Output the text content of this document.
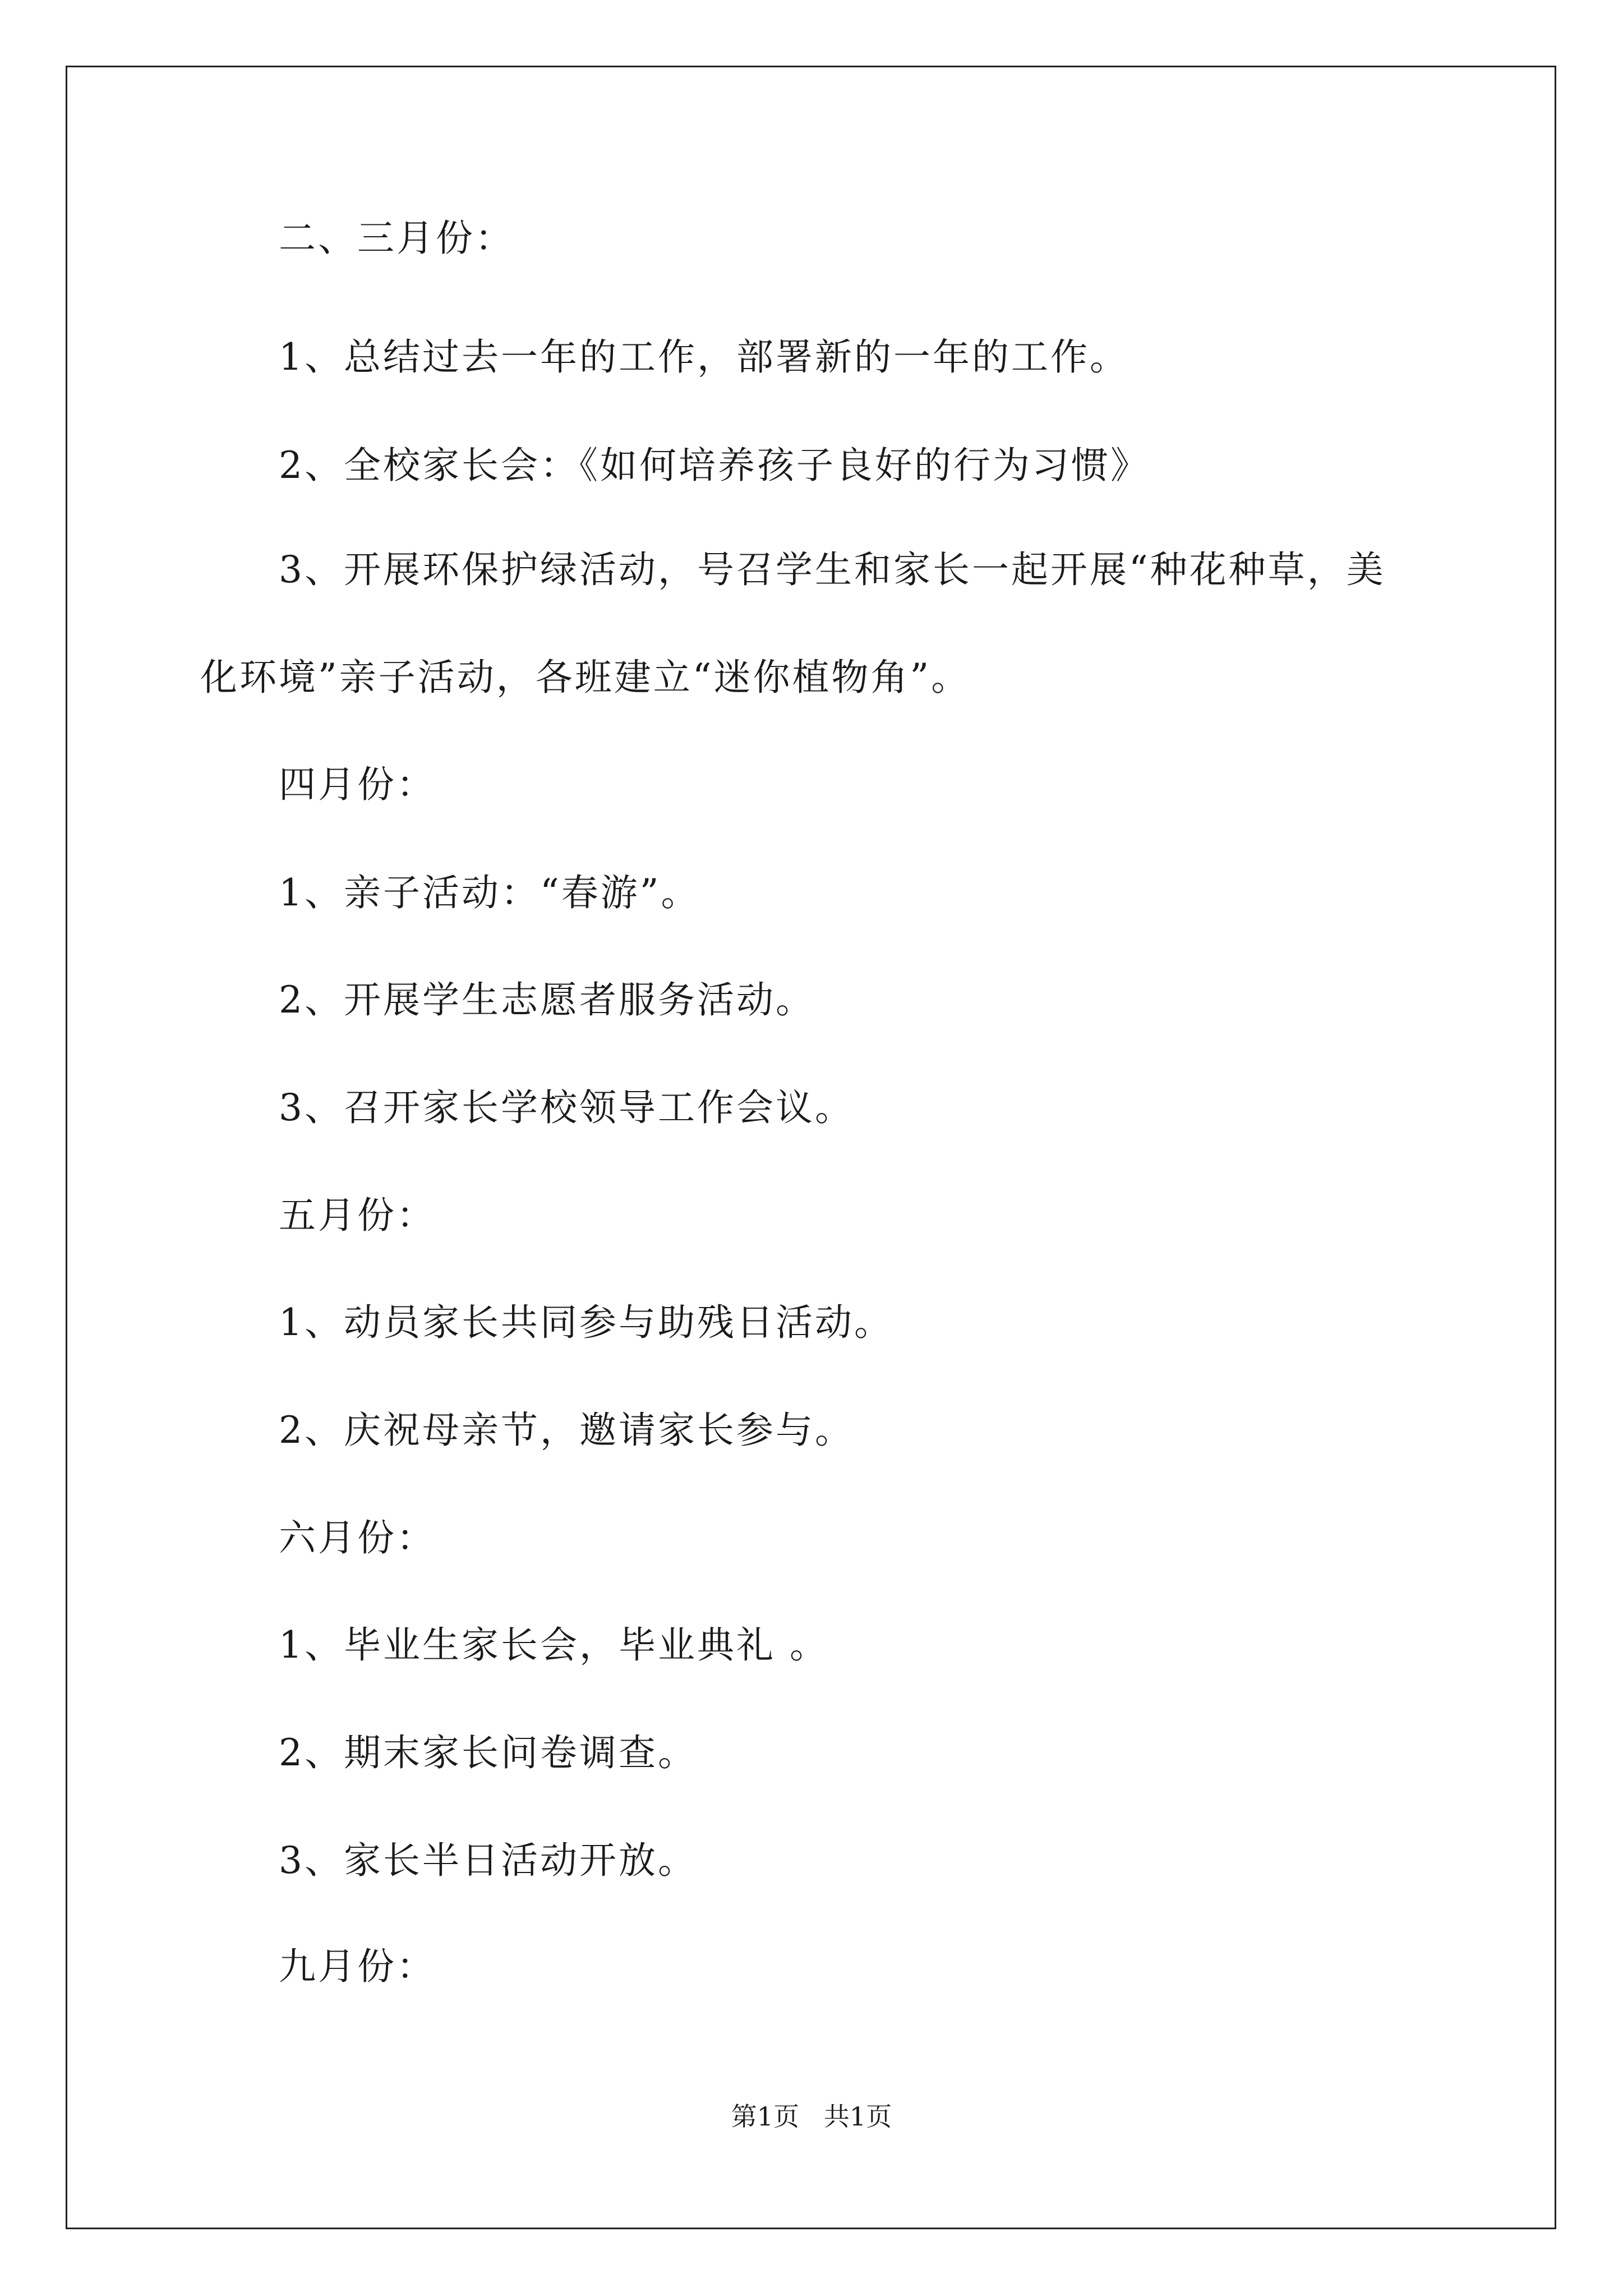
二、三月份：
1、总结过去一年的工作，部署新的一年的工作。
2、全校家长会：《如何培养孩子良好的行为习惯》
3、开展环保护绿活动，号召学生和家长一起开展“种花种草，美
化环境”亲子活动，各班建立“迷你植物角”。
四月份：
1、亲子活动：“春游”。
2、开展学生志愿者服务活动。
3、召开家长学校领导工作会议。
五月份：
1、动员家长共同参与助残日活动。
2、庆祝母亲节，邀请家长参与。
六月份：
1、毕业生家长会，毕业典礼 。
2、期末家长问卷调查。
3、家长半日活动开放。
九月份：
第1页   共1页
